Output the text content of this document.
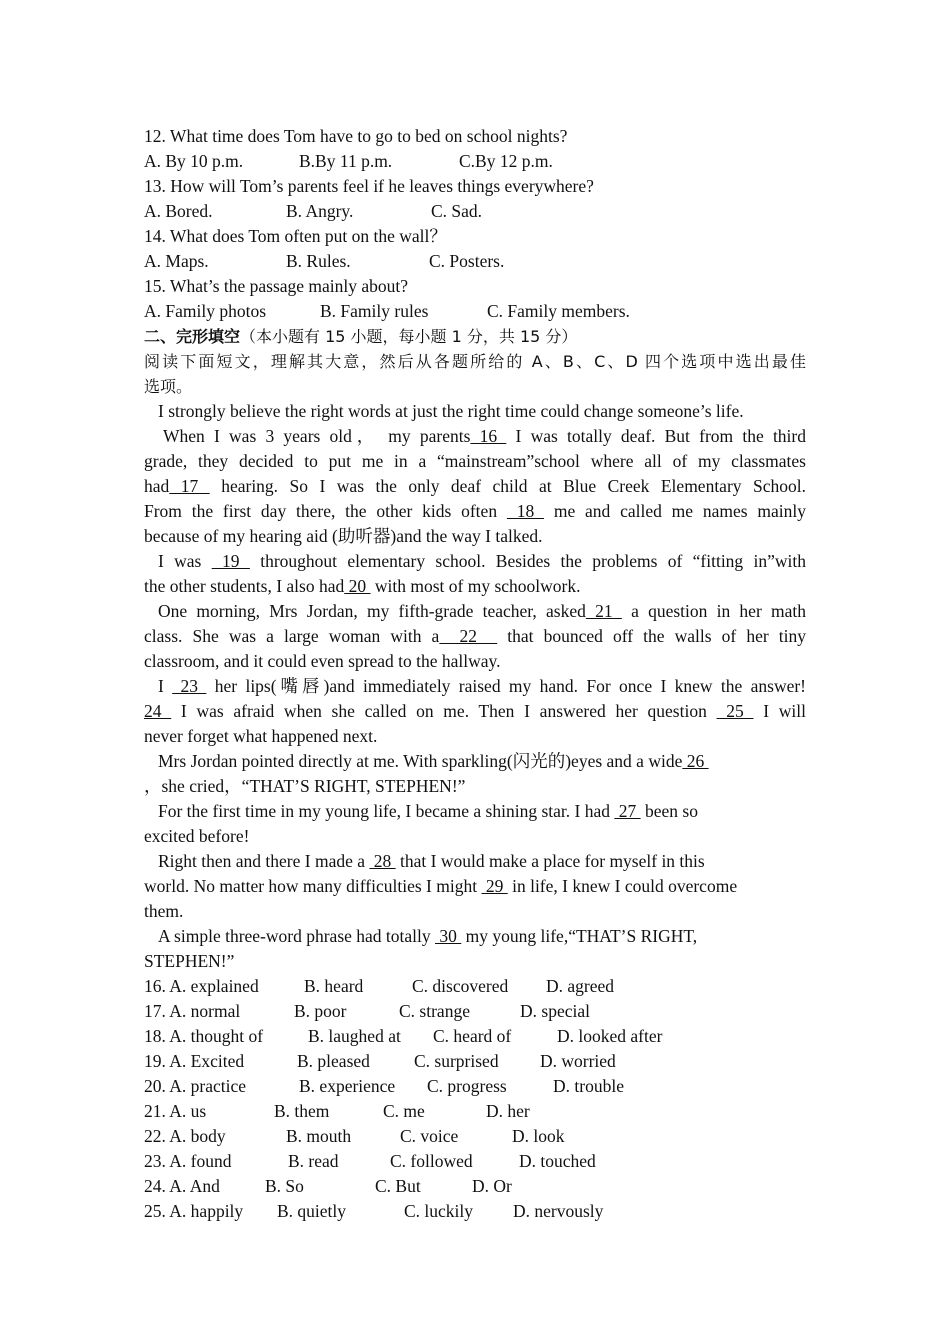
12. What time does Tom have to go to bed on school nights?
A. By 10 p.m.	B.By 11 p.m.	C.By 12 p.m.
13. How will Tom’s parents feel if he leaves things everywhere?
A. Bored.	B. Angry.	C. Sad.
14. What does Tom often put on the wall？
A. Maps.	B. Rules.	C. Posters.
15. What’s the passage mainly about?
A. Family photos	B. Family rules	C. Family members.
二、完形填空（本小题有 15 小题，每小题 1 分，共 15 分）
阅读下面短文，理解其大意，然后从各题所给的 A、B、C、D 四个选项中选出最佳
选项。
I strongly believe the right words at just the right time could change someone’s life.
When I was 3 years old， my parents 16  I was totally deaf. But from the third
grade, they decided to put me in a “mainstream”school where all of my classmates
had 17  hearing. So I was the only deaf child at Blue Creek Elementary School.
From the first day there, the other kids often  18  me and called me names mainly
because of my hearing aid (助听器)and the way I talked.
I was  19  throughout elementary school. Besides the problems of “fitting in”with
the other students, I also had 20  with most of my schoolwork.
One morning, Mrs Jordan, my fifth-grade teacher, asked 21  a question in her math
class. She was a large woman with a  22   that bounced off the walls of her tiny
classroom, and it could even spread to the hallway.
I  23  her lips(嘴唇)and immediately raised my hand. For once I knew the answer!
24  I was afraid when she called on me. Then I answered her question  25  I will
never forget what happened next.
Mrs Jordan pointed directly at me. With sparkling(闪光的)eyes and a wide 26
，she cried，“THAT’S RIGHT, STEPHEN!”
For the first time in my young life, I became a shining star. I had  27  been so
excited before!
Right then and there I made a  28  that I would make a place for myself in this
world. No matter how many difficulties I might  29  in life, I knew I could overcome
them.
A simple three-word phrase had totally  30  my young life,“THAT’S RIGHT,
STEPHEN!”
16. A. explained	B. heard	C. discovered D. agreed
17. A. normal	B. poor	C. strange	D. special
18. A. thought of	B. laughed at C. heard of	D. looked after
19. A. Excited	B. pleased	C. surprised D. worried
20. A. practice	B. experience C. progress	D. trouble
21. A. us	B. them	C. me	D. her
22. A. body	B. mouth	C. voice	D. look
23. A. found	B. read	C. followed	D. touched
24. A. And	B. So	C. But	D. Or
25. A. happily B. quietly	C. luckily D. nervously
